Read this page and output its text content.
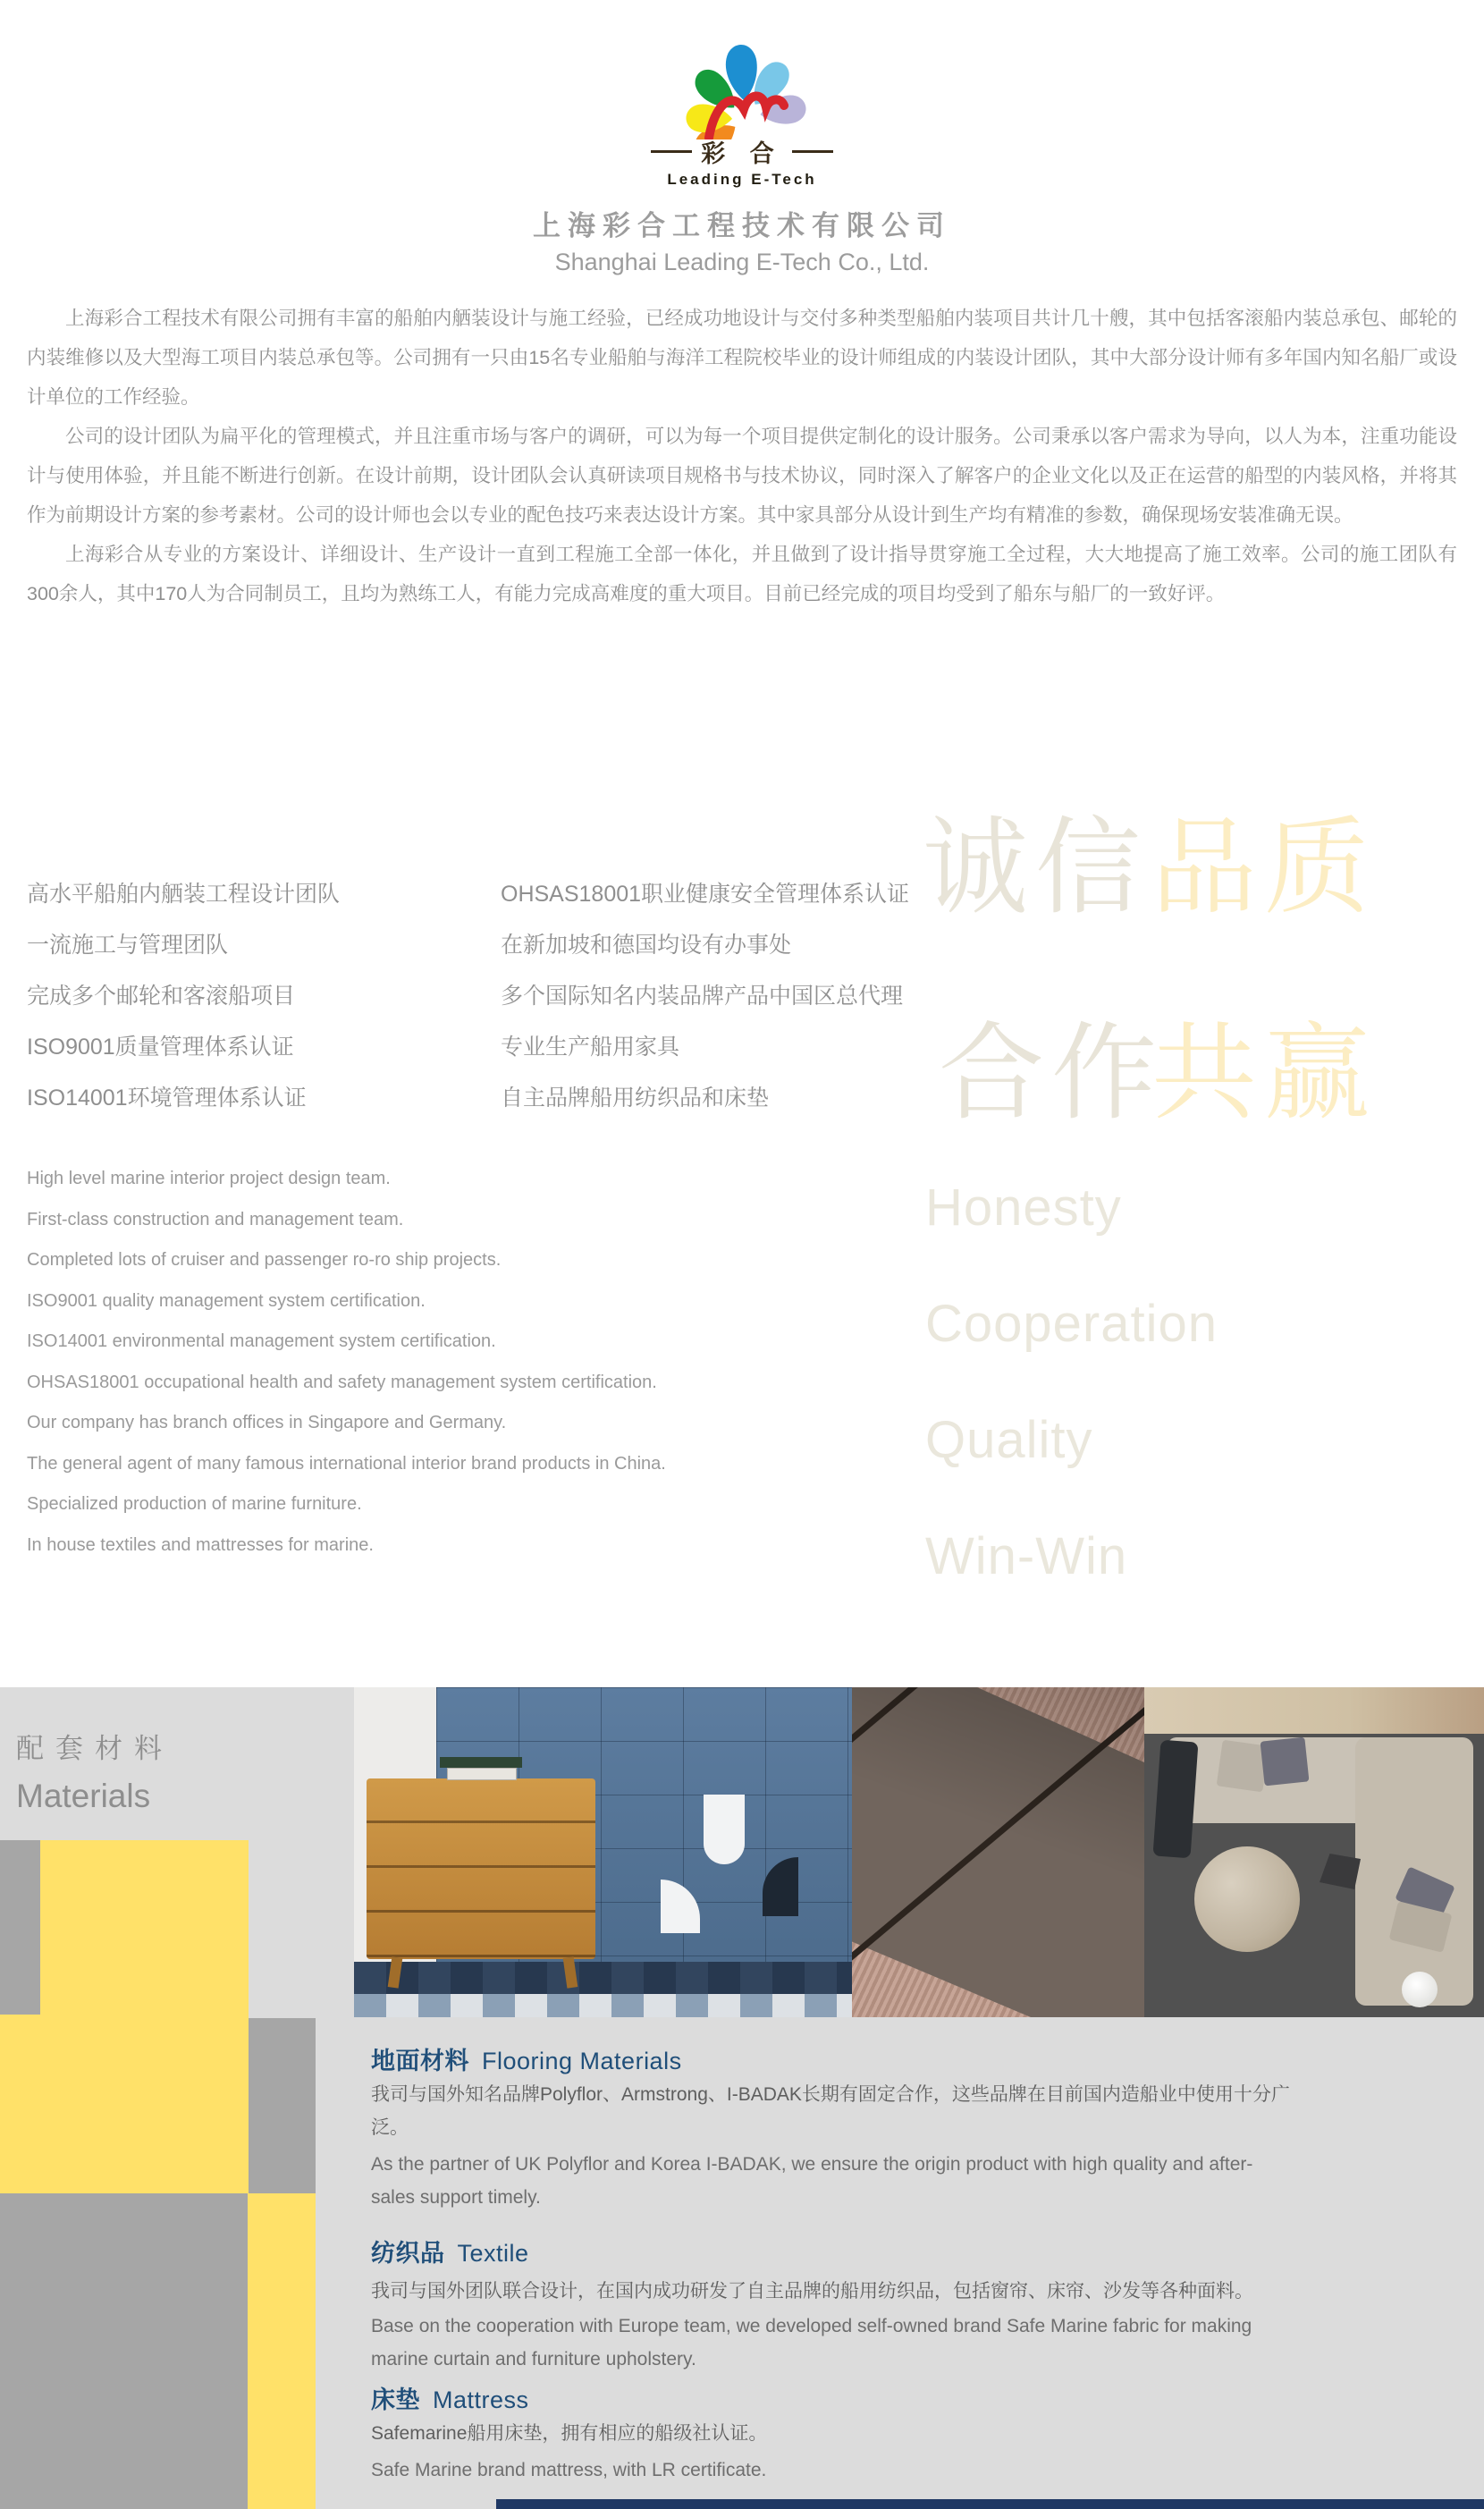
彩 合
Leading E-Tech
上海彩合工程技术有限公司
Shanghai Leading E-Tech Co., Ltd.

上海彩合工程技术有限公司拥有丰富的船舶内舾装设计与施工经验，已经成功地设计与交付多种类型船舶内装项目共计几十艘，其中包括客滚船内装总承包、邮轮的内装维修以及大型海工项目内装总承包等。公司拥有一只由15名专业船舶与海洋工程院校毕业的设计师组成的内装设计团队，其中大部分设计师有多年国内知名船厂或设计单位的工作经验。

公司的设计团队为扁平化的管理模式，并且注重市场与客户的调研，可以为每一个项目提供定制化的设计服务。公司秉承以客户需求为导向，以人为本，注重功能设计与使用体验，并且能不断进行创新。在设计前期，设计团队会认真研读项目规格书与技术协议，同时深入了解客户的企业文化以及正在运营的船型的内装风格，并将其作为前期设计方案的参考素材。公司的设计师也会以专业的配色技巧来表达设计方案。其中家具部分从设计到生产均有精准的参数，确保现场安装准确无误。

上海彩合从专业的方案设计、详细设计、生产设计一直到工程施工全部一体化，并且做到了设计指导贯穿施工全过程，大大地提高了施工效率。公司的施工团队有300余人，其中170人为合同制员工，且均为熟练工人，有能力完成高难度的重大项目。目前已经完成的项目均受到了船东与船厂的一致好评。

诚信 品质
合作
共赢
Honesty
Cooperation
Quality
Win-Win
高水平船舶内舾装工程设计团队
一流施工与管理团队
完成多个邮轮和客滚船项目
ISO9001质量管理体系认证
ISO14001环境管理体系认证
OHSAS18001职业健康安全管理体系认证
在新加坡和德国均设有办事处
多个国际知名内装品牌产品中国区总代理
专业生产船用家具
自主品牌船用纺织品和床垫
High level marine interior project design team.
First-class construction and management team.
Completed lots of cruiser and passenger ro-ro ship projects.
ISO9001 quality management system certification.
ISO14001 environmental management system certification.
OHSAS18001 occupational health and safety management system certification.
Our company has branch offices in Singapore and Germany.
The general agent of many famous international interior brand products in China.
Specialized production of marine furniture.
In house textiles and mattresses for marine.
配套材料
Materials
地面材料 Flooring Materials
我司与国外知名品牌Polyflor、Armstrong、I-BADAK长期有固定合作，这些品牌在目前国内造船业中使用十分广泛。
As the partner of UK Polyflor and Korea I-BADAK, we ensure the origin product with high quality and after-sales support timely.
纺织品 Textile
我司与国外团队联合设计，在国内成功研发了自主品牌的船用纺织品，包括窗帘、床帘、沙发等各种面料。
Base on the cooperation with Europe team, we developed self-owned brand Safe Marine fabric for making marine curtain and furniture upholstery.
床垫 Mattress
Safemarine船用床垫，拥有相应的船级社认证。
Safe Marine brand mattress, with LR certificate.
